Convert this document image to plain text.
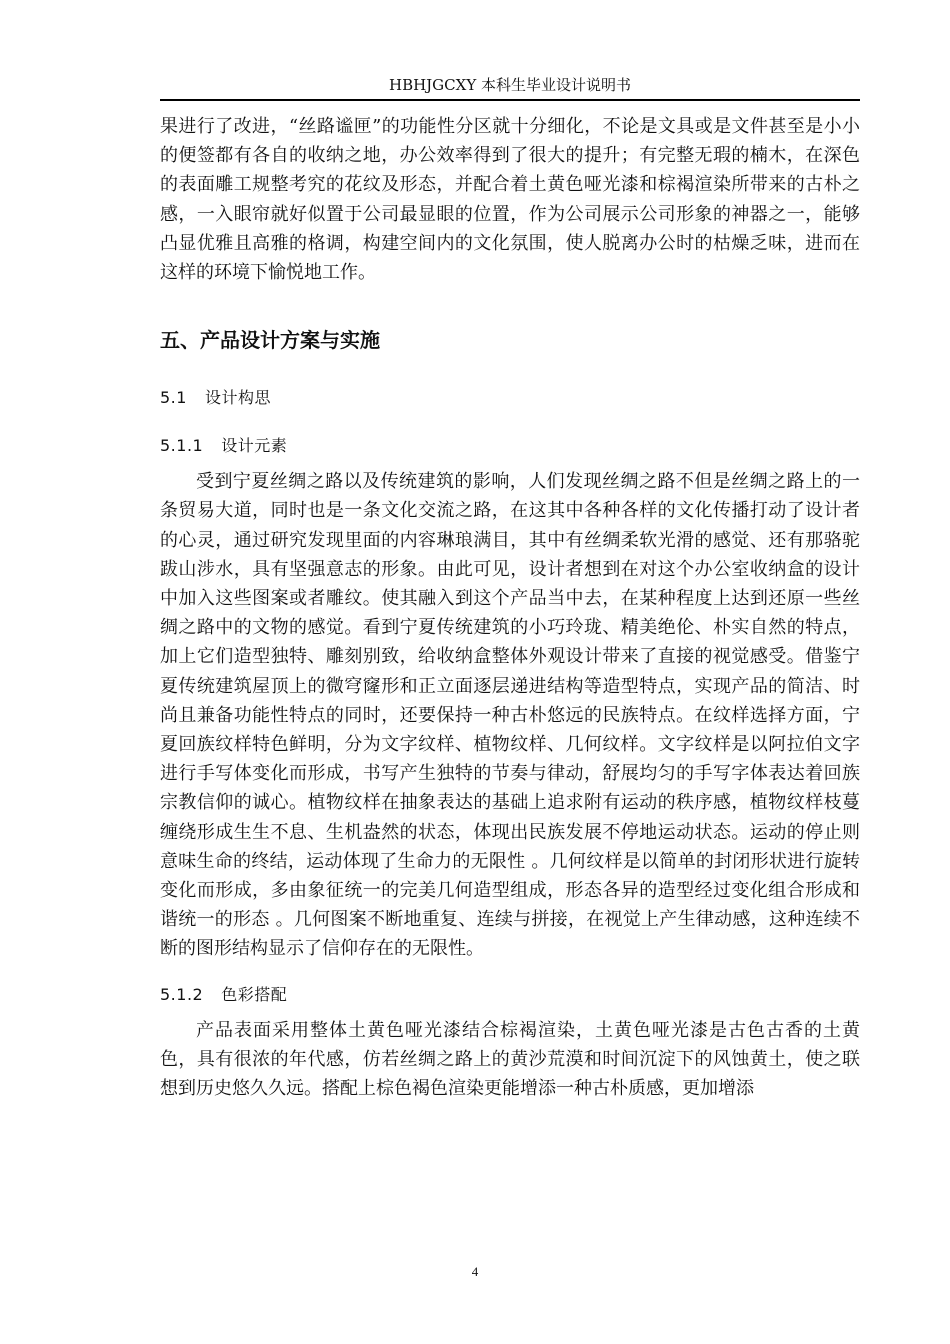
HBHJGCXY 本科生毕业设计说明书

果进行了改进，“丝路谧匣”的功能性分区就十分细化，不论是文具或是文件甚至是小小的便签都有各自的收纳之地，办公效率得到了很大的提升；有完整无瑕的楠木，在深色的表面雕工规整考究的花纹及形态，并配合着土黄色哑光漆和棕褐渲染所带来的古朴之感，一入眼帘就好似置于公司最显眼的位置，作为公司展示公司形象的神器之一，能够凸显优雅且高雅的格调，构建空间内的文化氛围，使人脱离办公时的枯燥乏味，进而在这样的环境下愉悦地工作。

五、产品设计方案与实施
5.1 设计构思
5.1.1 设计元素

受到宁夏丝绸之路以及传统建筑的影响，人们发现丝绸之路不但是丝绸之路上的一条贸易大道，同时也是一条文化交流之路，在这其中各种各样的文化传播打动了设计者的心灵，通过研究发现里面的内容琳琅满目，其中有丝绸柔软光滑的感觉、还有那骆驼跋山涉水，具有坚强意志的形象。由此可见，设计者想到在对这个办公室收纳盒的设计中加入这些图案或者雕纹。使其融入到这个产品当中去，在某种程度上达到还原一些丝绸之路中的文物的感觉。看到宁夏传统建筑的小巧玲珑、精美绝伦、朴实自然的特点，加上它们造型独特、雕刻别致，给收纳盒整体外观设计带来了直接的视觉感受。借鉴宁夏传统建筑屋顶上的微穹窿形和正立面逐层递进结构等造型特点，实现产品的简洁、时尚且兼备功能性特点的同时，还要保持一种古朴悠远的民族特点。在纹样选择方面，宁夏回族纹样特色鲜明，分为文字纹样、植物纹样、几何纹样。文字纹样是以阿拉伯文字进行手写体变化而形成，书写产生独特的节奏与律动，舒展均匀的手写字体表达着回族宗教信仰的诚心。植物纹样在抽象表达的基础上追求附有运动的秩序感，植物纹样枝蔓缠绕形成生生不息、生机盎然的状态，体现出民族发展不停地运动状态。运动的停止则意味生命的终结，运动体现了生命力的无限性 。几何纹样是以简单的封闭形状进行旋转变化而形成，多由象征统一的完美几何造型组成，形态各异的造型经过变化组合形成和谐统一的形态 。几何图案不断地重复、连续与拼接，在视觉上产生律动感，这种连续不断的图形结构显示了信仰存在的无限性。

5.1.2 色彩搭配

产品表面采用整体土黄色哑光漆结合棕褐渲染，土黄色哑光漆是古色古香的土黄色，具有很浓的年代感，仿若丝绸之路上的黄沙荒漠和时间沉淀下的风蚀黄土，使之联想到历史悠久久远。搭配上棕色褐色渲染更能增添一种古朴质感，更加增添

4
